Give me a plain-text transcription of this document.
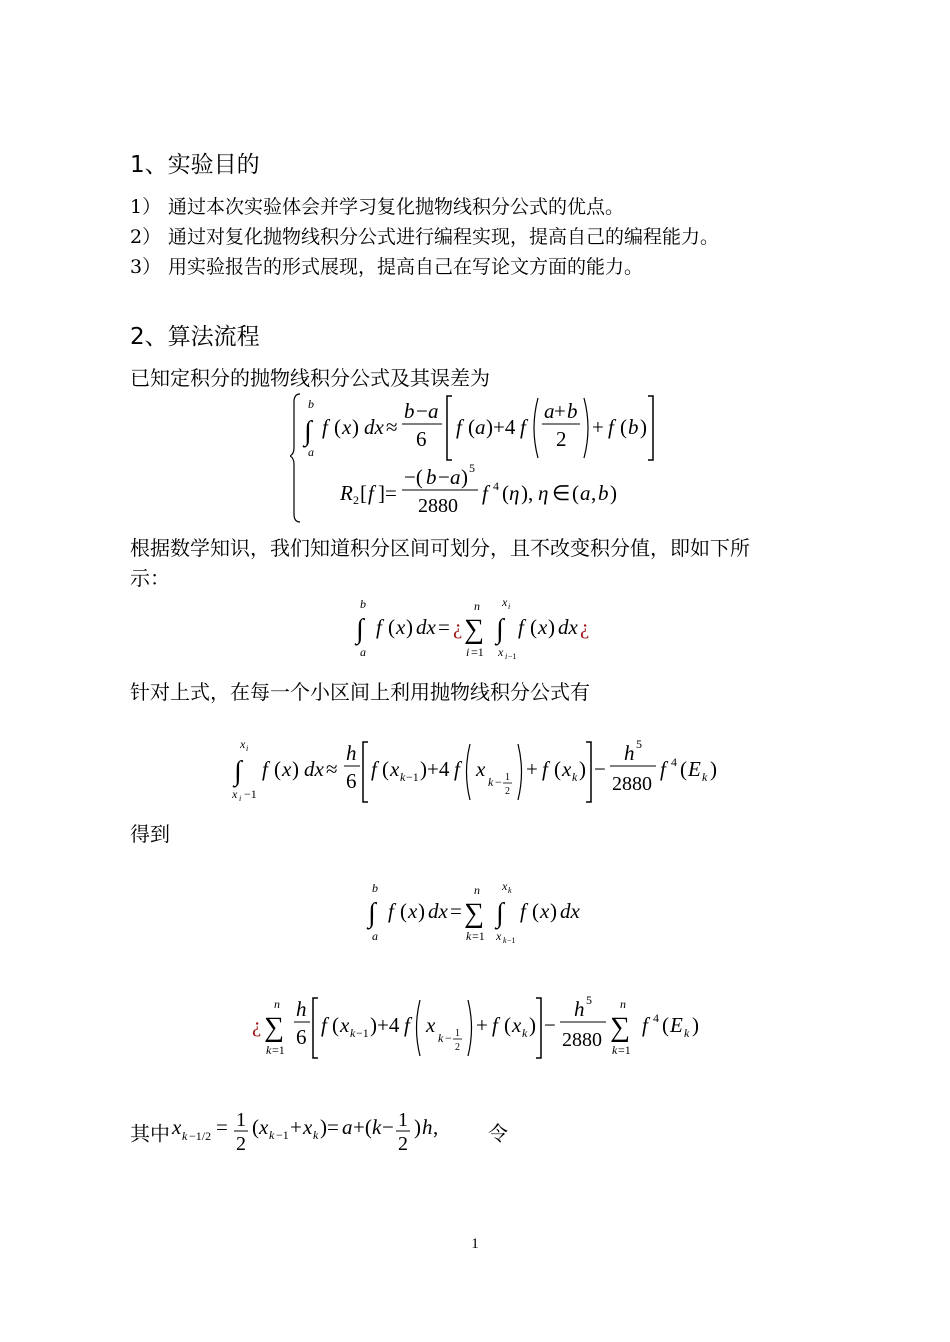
1、实验目的
1） 通过本次实验体会并学习复化抛物线积分公式的优点。
2） 通过对复化抛物线积分公式进行编程实现，提高自己的编程能力。
3） 用实验报告的形式展现，提高自己在写论文方面的能力。
2、算法流程
已知定积分的抛物线积分公式及其误差为
∫
b
a
f ( x ) dx ≈
b − a
6 f ( a )+4 f
a + b
2 + f ( b )
R 2 [ f ]=
−( b − a ) 5
2880
f 4 ( η ), η ∈ ( a , b )
根据数学知识，我们知道积分区间可划分，且不改变积分值，即如下所
示：
∫
b
a
f ( x ) dx = ¿ ∑
n
i =1
∫
x i
x i −1
f ( x ) dx ¿
针对上式，在每一个小区间上利用抛物线积分公式有
∫
x i
x i −1
f ( x ) dx ≈
h
6 f ( x k −1 )+4 f x
k − 1
2
+ f ( x k ) −
h 5
2880
f 4 ( E k )
得到
∫
b
a
f ( x ) dx = ∑
n
k =1
∫
x k
x k −1
f ( x ) dx
¿ ∑
n
k =1
h
6 f ( x k −1 )+4 f x
k − 1
2
+ f ( x k ) −
h 5
2880 ∑
n
k =1
f 4 ( E k )
其中 x k −1/2 = 1
2
( x k −1 + x k )= a +( k − 1
2
) h , 令
1
